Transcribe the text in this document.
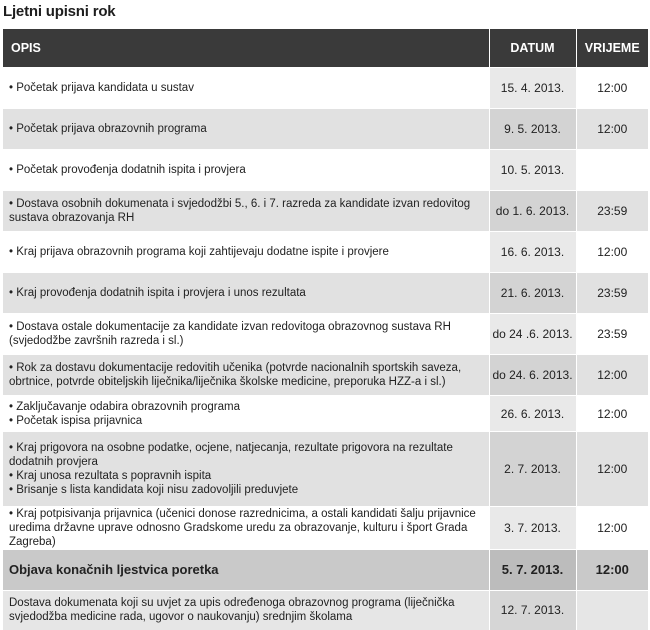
Ljetni upisni rok
OPIS	DATUM	VRIJEME

• Početak prijava kandidata u sustav	15. 4. 2013.	12:00

• Početak prijava obrazovnih programa	9. 5. 2013.	12:00

• Početak provođenja dodatnih ispita i provjera	10. 5. 2013.	

• Dostava osobnih dokumenata i svjedodžbi 5., 6. i 7. razreda za kandidate izvan redovitog sustava obrazovanja RH	do 1. 6. 2013.	23:59

• Kraj prijava obrazovnih programa koji zahtijevaju dodatne ispite i provjere	16. 6. 2013.	12:00

• Kraj provođenja dodatnih ispita i provjera i unos rezultata	21. 6. 2013.	23:59

• Dostava ostale dokumentacije za kandidate izvan redovitoga obrazovnog sustava RH (svjedodžbe završnih razreda i sl.)	do 24 .6. 2013.	23:59

• Rok za dostavu dokumentacije redovitih učenika (potvrde nacionalnih sportskih saveza, obrtnice, potvrde obiteljskih liječnika/liječnika školske medicine, preporuka HZZ-a i sl.)	do 24. 6. 2013.	12:00

• Zaključavanje odabira obrazovnih programa
• Početak ispisa prijavnica	26. 6. 2013.	12:00

• Kraj prigovora na osobne podatke, ocjene, natjecanja, rezultate prigovora na rezultate dodatnih provjera
• Kraj unosa rezultata s popravnih ispita
• Brisanje s lista kandidata koji nisu zadovoljili preduvjete	2. 7. 2013.	12:00

• Kraj potpisivanja prijavnica (učenici donose razrednicima, a ostali kandidati šalju prijavnice uredima državne uprave odnosno Gradskome uredu za obrazovanje, kulturu i šport Grada Zagreba)	3. 7. 2013.	12:00

Objava konačnih ljestvica poretka	5. 7. 2013.	12:00

Dostava dokumenata koji su uvjet za upis određenoga obrazovnog programa (liječnička svjedodžba medicine rada, ugovor o naukovanju) srednjim školama	12. 7. 2013.	
